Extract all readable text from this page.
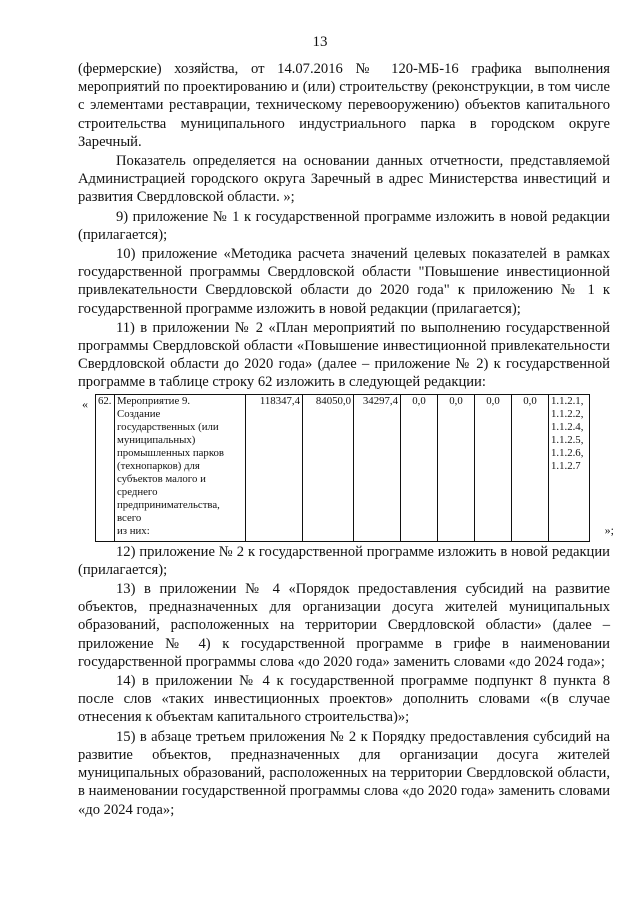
13

(фермерские) хозяйства, от 14.07.2016 № 120-МБ-16 графика выполнения мероприятий по проектированию и (или) строительству (реконструкции, в том числе с элементами реставрации, техническому перевооружению) объектов капитального строительства муниципального индустриального парка в городском округе Заречный.

Показатель определяется на основании данных отчетности, представляемой Администрацией городского округа Заречный в адрес Министерства инвестиций и развития Свердловской области. »;

9) приложение № 1 к государственной программе изложить в новой редакции (прилагается);

10) приложение «Методика расчета значений целевых показателей в рамках государственной программы Свердловской области "Повышение инвестиционной привлекательности Свердловской области до 2020 года" к приложению № 1 к государственной программе изложить в новой редакции (прилагается);

11) в приложении № 2 «План мероприятий по выполнению государственной программы Свердловской области «Повышение инвестиционной привлекательности Свердловской области до 2020 года» (далее – приложение № 2) к государственной программе в таблице строку 62 изложить в следующей редакции:

« 62.	Мероприятие 9.
Создание
государственных (или
муниципальных)
промышленных парков
(технопарков) для
субъектов малого и
среднего
предпринимательства,
всего
из них:
	118347,4	84050,0	34297,4	0,0	0,0	0,0	0,0	1.1.2.1,
1.1.2.2,
1.1.2.4,
1.1.2.5,
1.1.2.6,
1.1.2.7
»;

12) приложение № 2 к государственной программе изложить в новой редакции (прилагается);

13) в приложении № 4 «Порядок предоставления субсидий на развитие объектов, предназначенных для организации досуга жителей муниципальных образований, расположенных на территории Свердловской области» (далее – приложение № 4) к государственной программе в грифе в наименовании государственной программы слова «до 2020 года» заменить словами «до 2024 года»;

14) в приложении № 4 к государственной программе подпункт 8 пункта 8 после слов «таких инвестиционных проектов» дополнить словами «(в случае отнесения к объектам капитального строительства)»;

15) в абзаце третьем приложения № 2 к Порядку предоставления субсидий на развитие объектов, предназначенных для организации досуга жителей муниципальных образований, расположенных на территории Свердловской области, в наименовании государственной программы слова «до 2020 года» заменить словами «до 2024 года»;
